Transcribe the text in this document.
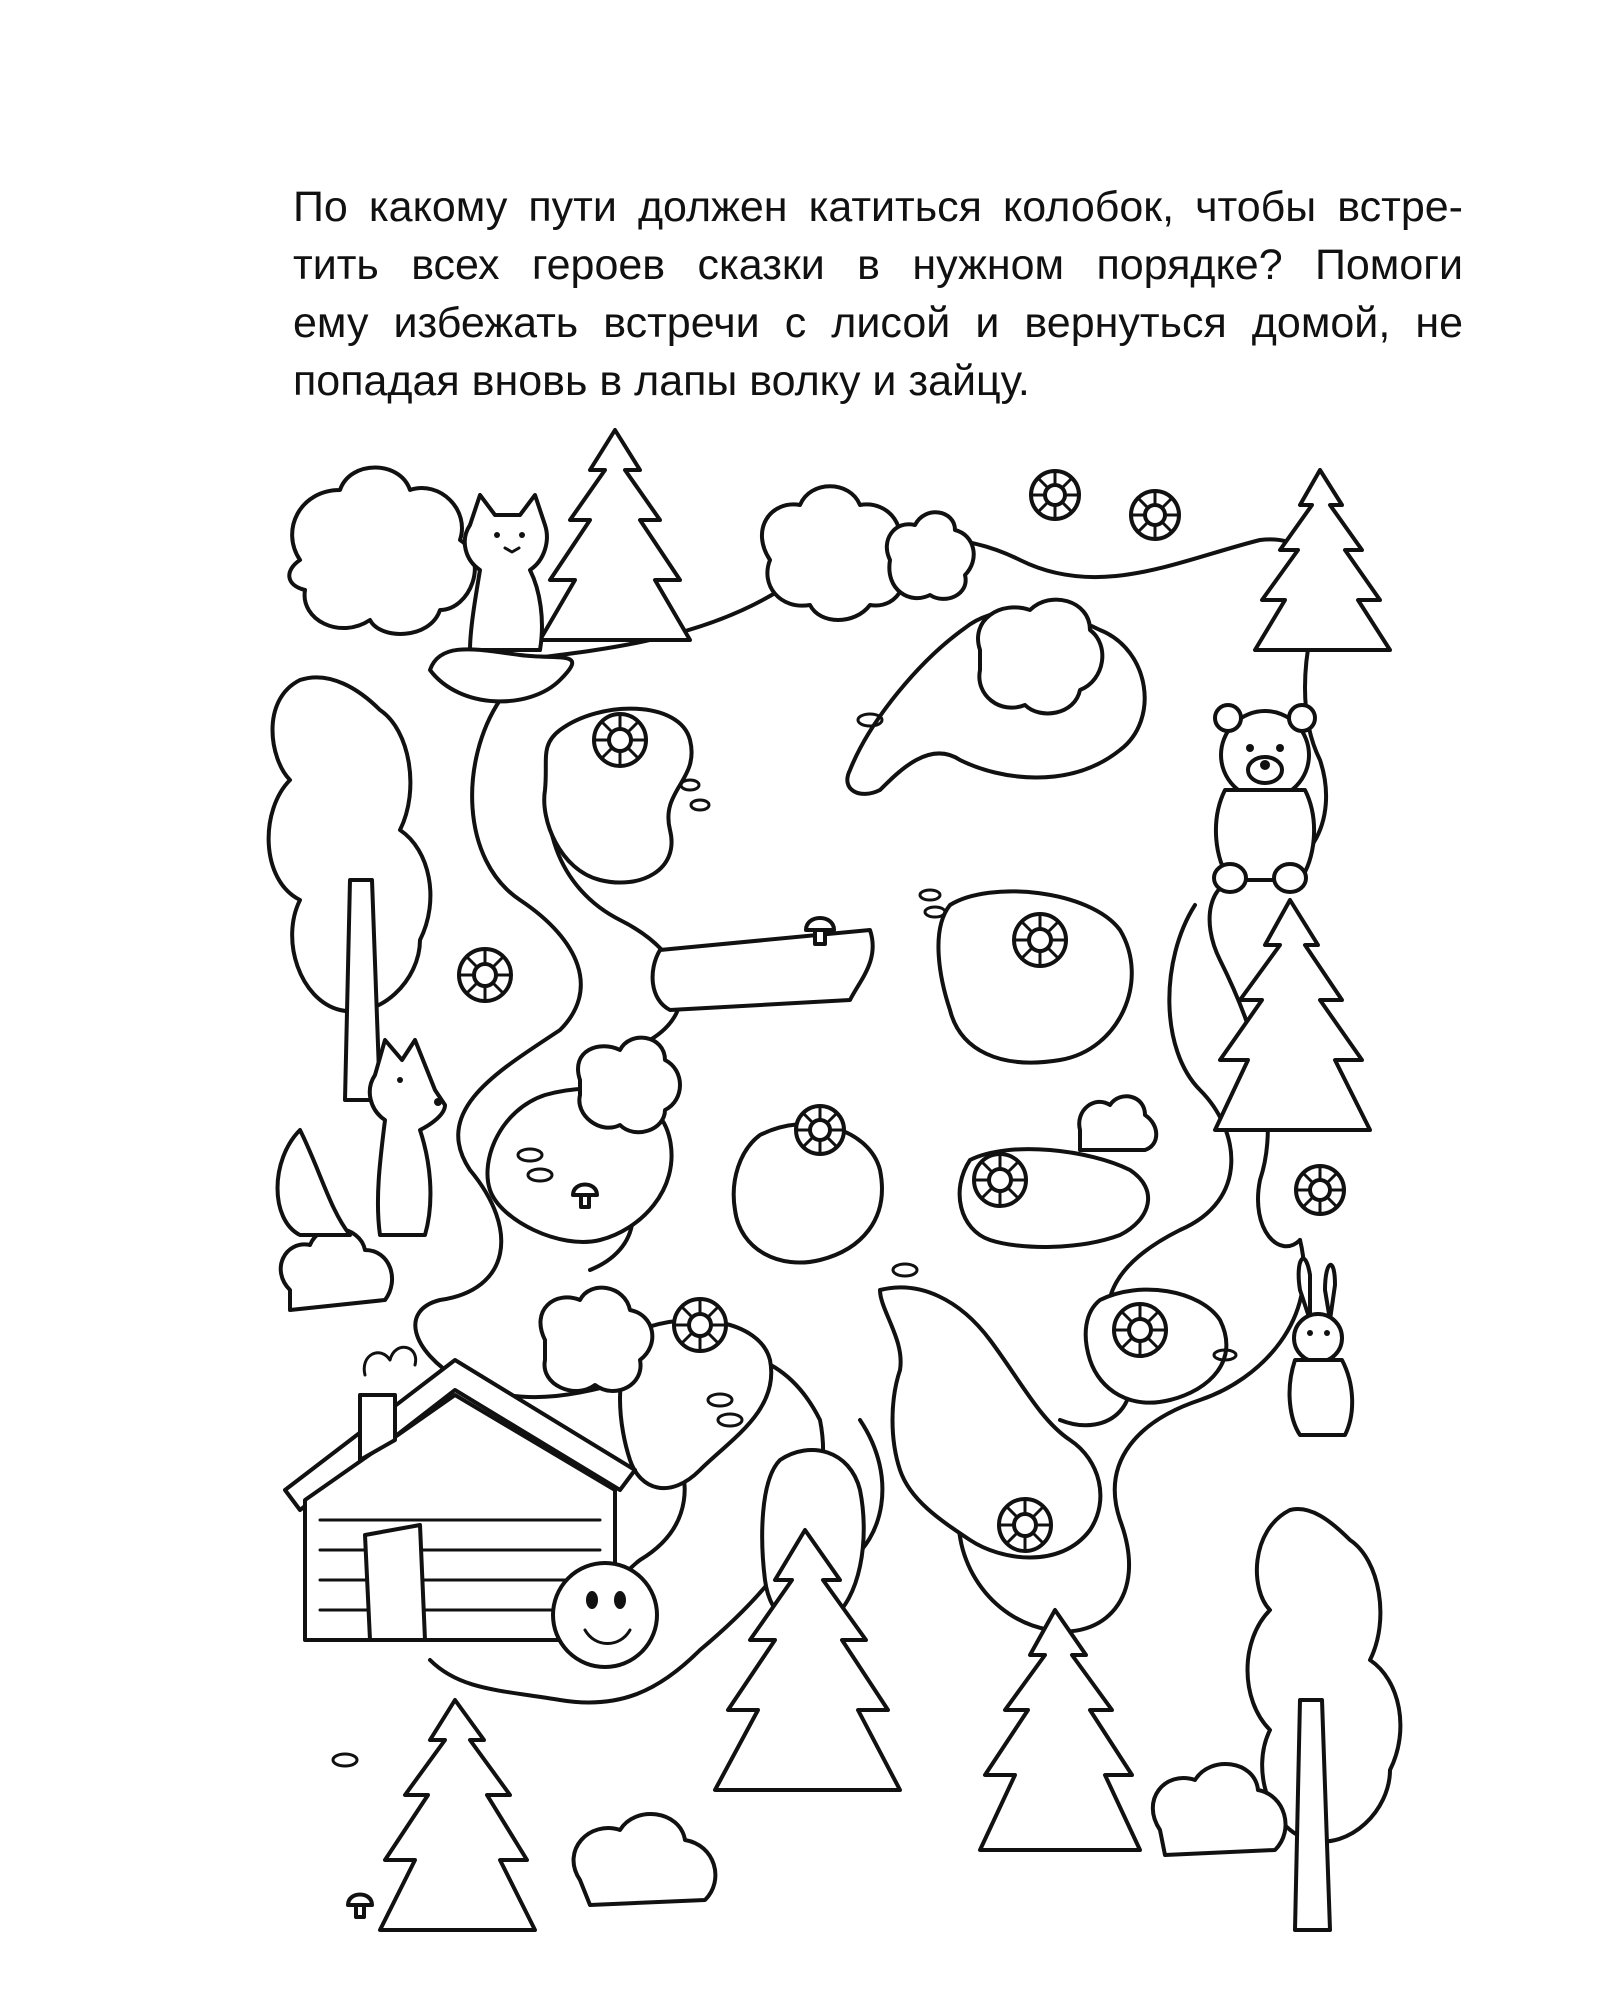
По какому пути должен катиться колобок, чтобы встре-
тить всех героев сказки в нужном порядке? Помоги
ему избежать встречи с лисой и вернуться домой, не
попадая вновь в лапы волку и зайцу.
